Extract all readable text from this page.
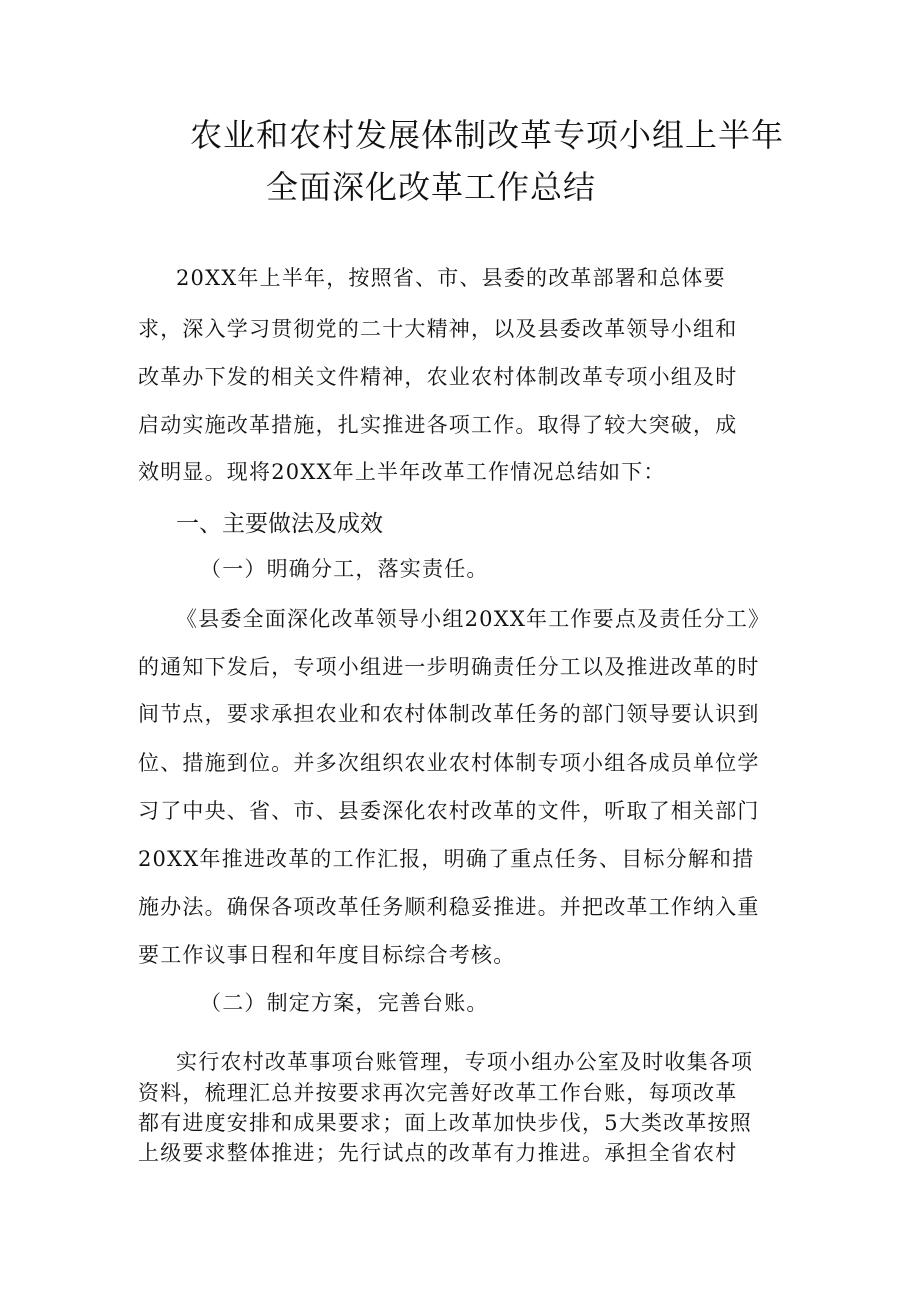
农业和农村发展体制改革专项小组上半年
全面深化改革工作总结
20XX年上半年，按照省、市、县委的改革部署和总体要
求，深入学习贯彻党的二十大精神，以及县委改革领导小组和
改革办下发的相关文件精神，农业农村体制改革专项小组及时
启动实施改革措施，扎实推进各项工作。取得了较大突破，成
效明显。现将20XX年上半年改革工作情况总结如下：
一、主要做法及成效
（一）明确分工，落实责任。
《县委全面深化改革领导小组20XX年工作要点及责任分工》
的通知下发后，专项小组进一步明确责任分工以及推进改革的时
间节点，要求承担农业和农村体制改革任务的部门领导要认识到
位、措施到位。并多次组织农业农村体制专项小组各成员单位学
习了中央、省、市、县委深化农村改革的文件，听取了相关部门
20XX年推进改革的工作汇报，明确了重点任务、目标分解和措
施办法。确保各项改革任务顺利稳妥推进。并把改革工作纳入重
要工作议事日程和年度目标综合考核。
（二）制定方案，完善台账。
实行农村改革事项台账管理，专项小组办公室及时收集各项
资料，梳理汇总并按要求再次完善好改革工作台账，每项改革
都有进度安排和成果要求；面上改革加快步伐，5大类改革按照
上级要求整体推进；先行试点的改革有力推进。承担全省农村
